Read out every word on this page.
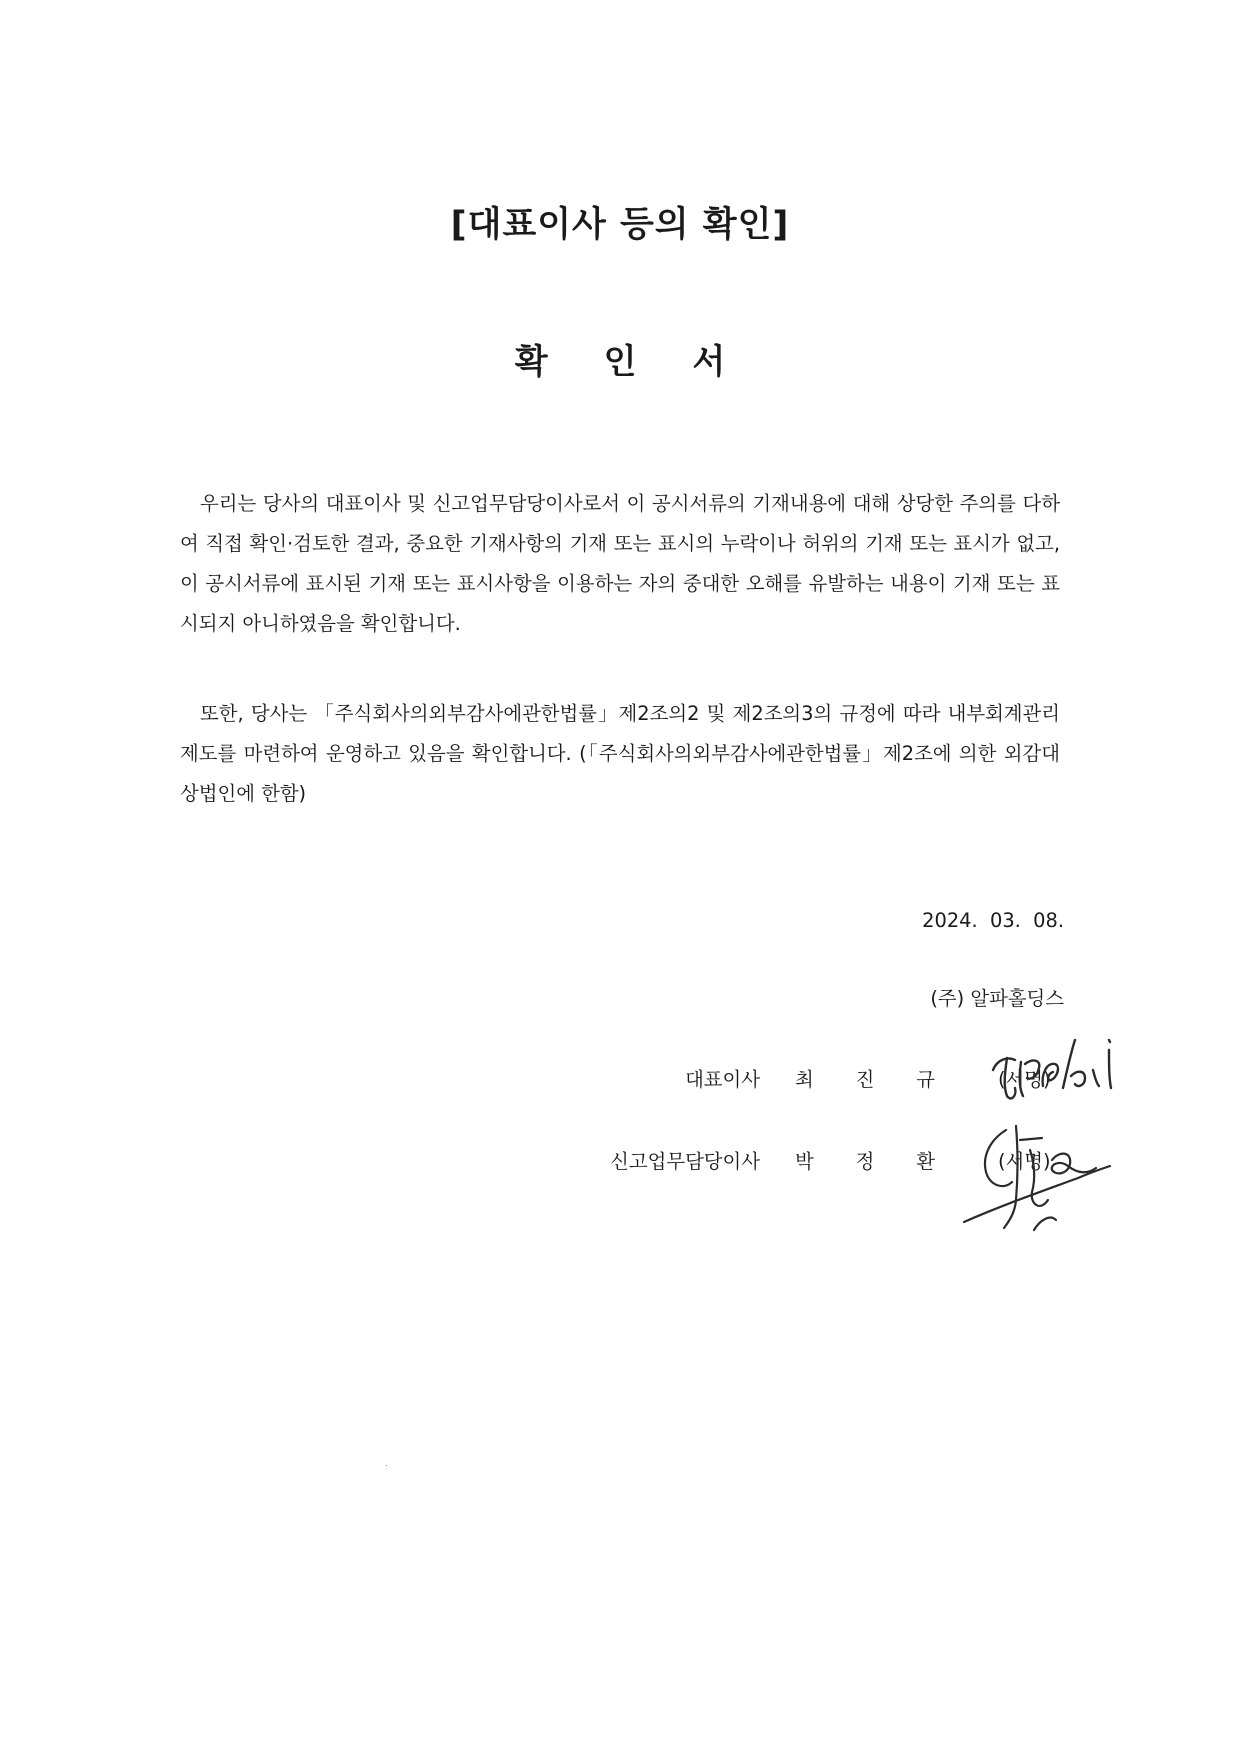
[대표이사 등의 확인]
확 인 서

우리는 당사의 대표이사 및 신고업무담당이사로서 이 공시서류의 기재내용에 대해 상당한 주의를 다하여 직접 확인·검토한 결과, 중요한 기재사항의 기재 또는 표시의 누락이나 허위의 기재 또는 표시가 없고, 이 공시서류에 표시된 기재 또는 표시사항을 이용하는 자의 중대한 오해를 유발하는 내용이 기재 또는 표시되지 아니하였음을 확인합니다.

또한, 당사는 「주식회사의외부감사에관한법률」제2조의2 및 제2조의3의 규정에 따라 내부회계관리제도를 마련하여 운영하고 있음을 확인합니다. (「주식회사의외부감사에관한법률」제2조에 의한 외감대상법인에 한함)

2024.  03.  08.
(주) 알파홀딩스
대표이사 최 진 규	(서명)
신고업무담당이사 박 정 환	(서명)
